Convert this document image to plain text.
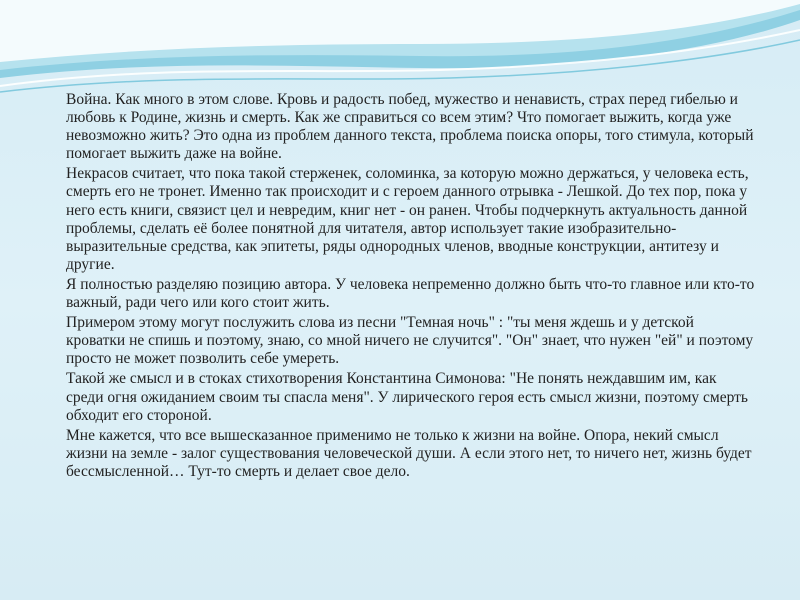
Война. Как много в этом слове. Кровь и радость побед, мужество и ненависть, страх перед гибелью и любовь к Родине, жизнь и смерть. Как же справиться со всем этим? Что помогает выжить, когда уже невозможно жить? Это одна из проблем данного текста, проблема поиска опоры, того стимула, который помогает выжить даже на войне.

Некрасов считает, что пока такой стерженек, соломинка, за которую можно держаться, у человека есть, смерть его не тронет. Именно так происходит и с героем данного отрывка - Лешкой. До тех пор, пока у него есть книги, связист цел и невредим, книг нет - он ранен. Чтобы подчеркнуть актуальность данной проблемы, сделать её более понятной для читателя, автор использует такие изобразительно-выразительные средства, как эпитеты, ряды однородных членов, вводные конструкции, антитезу и другие.

Я полностью разделяю позицию автора. У человека непременно должно быть что-то главное или кто-то важный, ради чего или кого стоит жить.

Примером этому могут послужить слова из песни "Темная ночь" : "ты меня ждешь и у детской кроватки не спишь и поэтому, знаю, со мной ничего не случится". "Он" знает, что нужен "ей" и поэтому просто не может позволить себе умереть.

Такой же смысл и в стоках стихотворения Константина Симонова: "Не понять неждавшим им, как среди огня ожиданием своим ты спасла меня". У лирического героя есть смысл жизни, поэтому смерть обходит его стороной.

Мне кажется, что все вышесказанное применимо не только к жизни на войне. Опора, некий смысл жизни на земле - залог существования человеческой души. А если этого нет, то ничего нет, жизнь будет бессмысленной… Тут-то смерть и делает свое дело.
